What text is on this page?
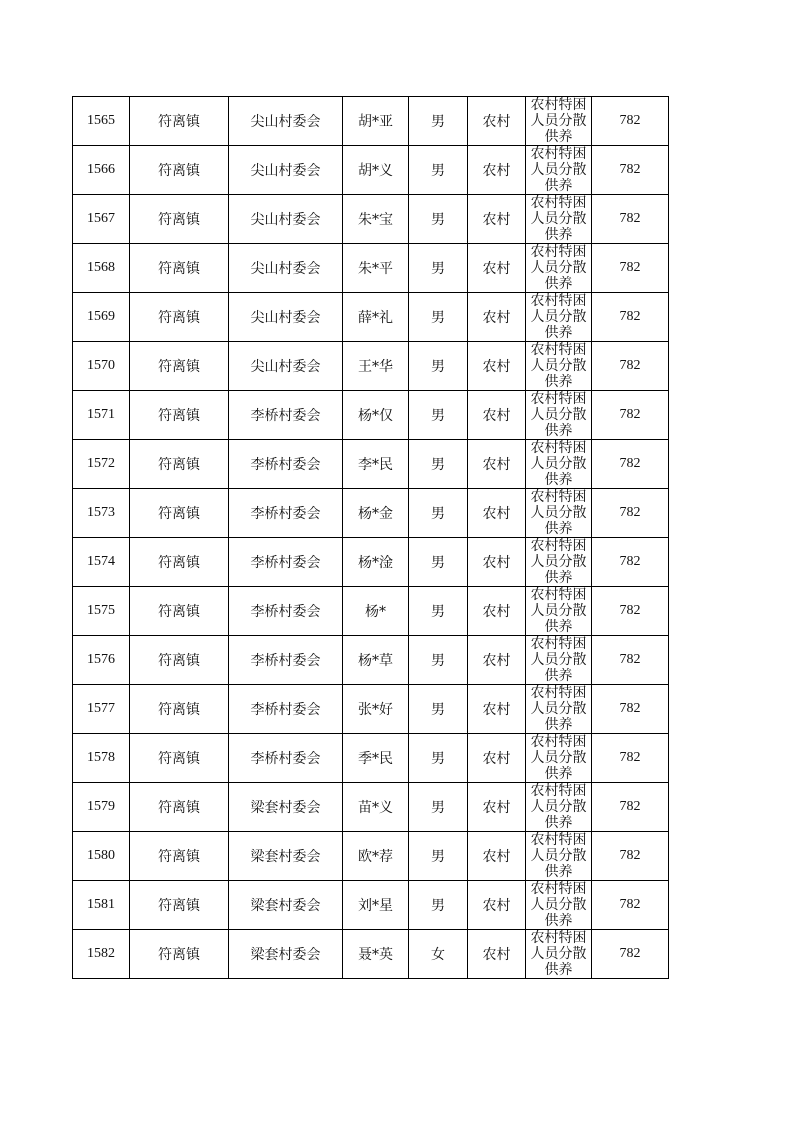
1565	符离镇	尖山村委会	胡*亚	男	农村	农村特困人员分散供养	782
1566	符离镇	尖山村委会	胡*义	男	农村	农村特困人员分散供养	782
1567	符离镇	尖山村委会	朱*宝	男	农村	农村特困人员分散供养	782
1568	符离镇	尖山村委会	朱*平	男	农村	农村特困人员分散供养	782
1569	符离镇	尖山村委会	薛*礼	男	农村	农村特困人员分散供养	782
1570	符离镇	尖山村委会	王*华	男	农村	农村特困人员分散供养	782
1571	符离镇	李桥村委会	杨*仅	男	农村	农村特困人员分散供养	782
1572	符离镇	李桥村委会	李*民	男	农村	农村特困人员分散供养	782
1573	符离镇	李桥村委会	杨*金	男	农村	农村特困人员分散供养	782
1574	符离镇	李桥村委会	杨*淦	男	农村	农村特困人员分散供养	782
1575	符离镇	李桥村委会	杨*	男	农村	农村特困人员分散供养	782
1576	符离镇	李桥村委会	杨*草	男	农村	农村特困人员分散供养	782
1577	符离镇	李桥村委会	张*好	男	农村	农村特困人员分散供养	782
1578	符离镇	李桥村委会	季*民	男	农村	农村特困人员分散供养	782
1579	符离镇	梁套村委会	苗*义	男	农村	农村特困人员分散供养	782
1580	符离镇	梁套村委会	欧*荐	男	农村	农村特困人员分散供养	782
1581	符离镇	梁套村委会	刘*星	男	农村	农村特困人员分散供养	782
1582	符离镇	梁套村委会	聂*英	女	农村	农村特困人员分散供养	782
